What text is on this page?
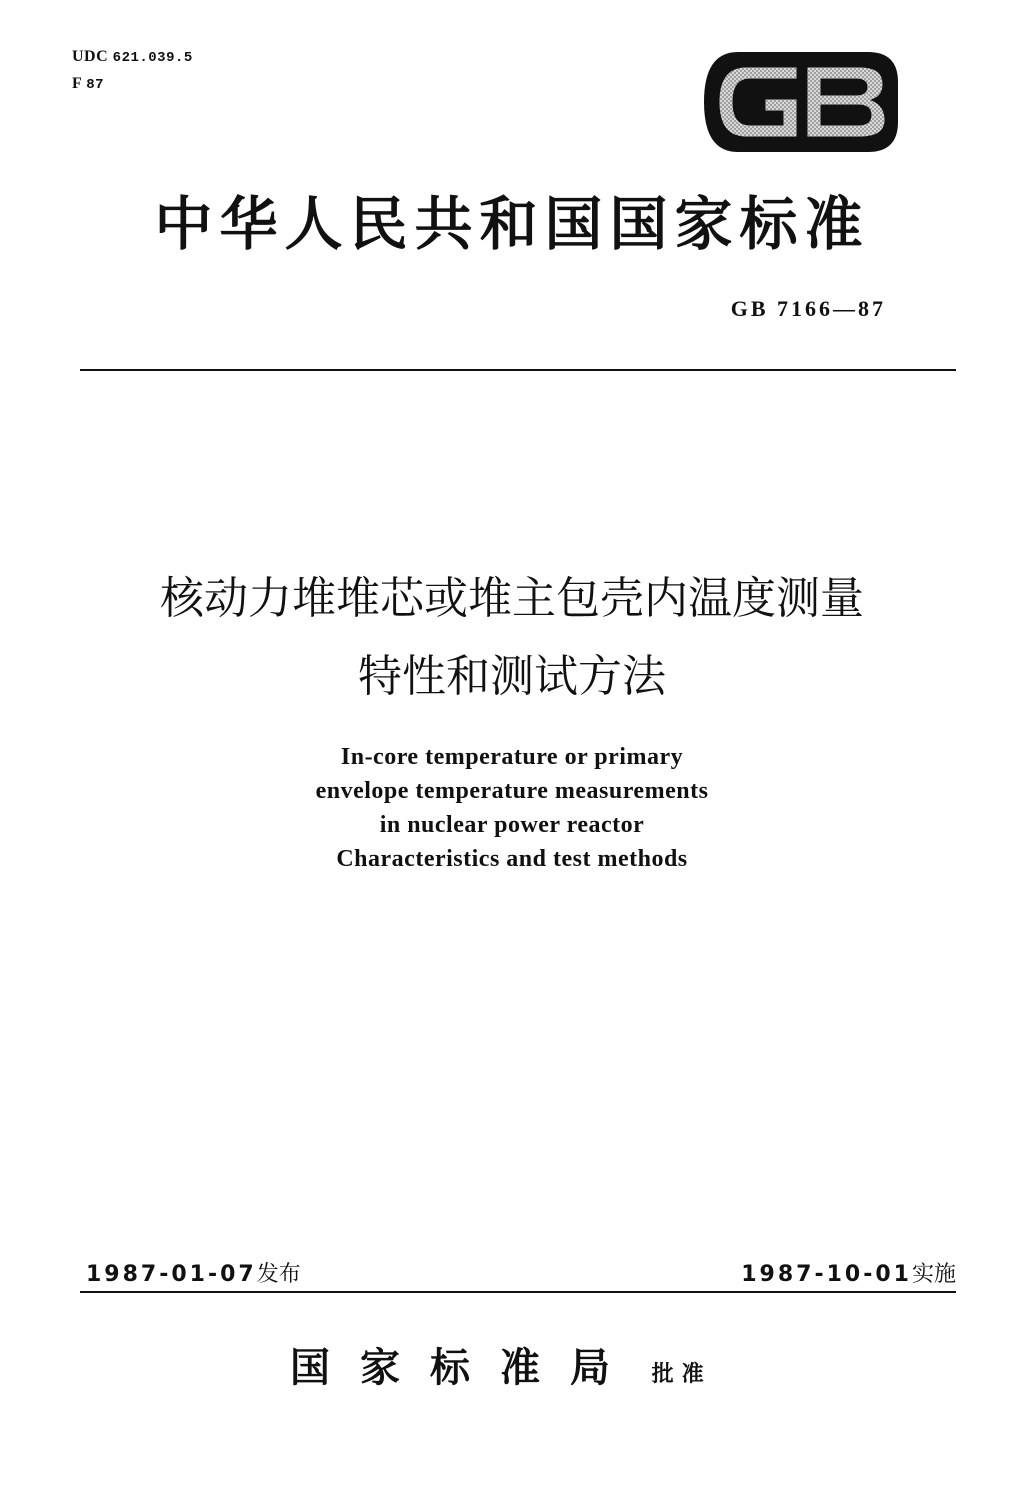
UDC 621.039.5
F 87
中华人民共和国国家标准
GB 7166—87
核动力堆堆芯或堆主包壳内温度测量
特性和测试方法
In-core temperature or primary
envelope temperature measurements
in nuclear power reactor
Characteristics and test methods
1987-01-07发布	1987-10-01实施
国家标准局 批准
